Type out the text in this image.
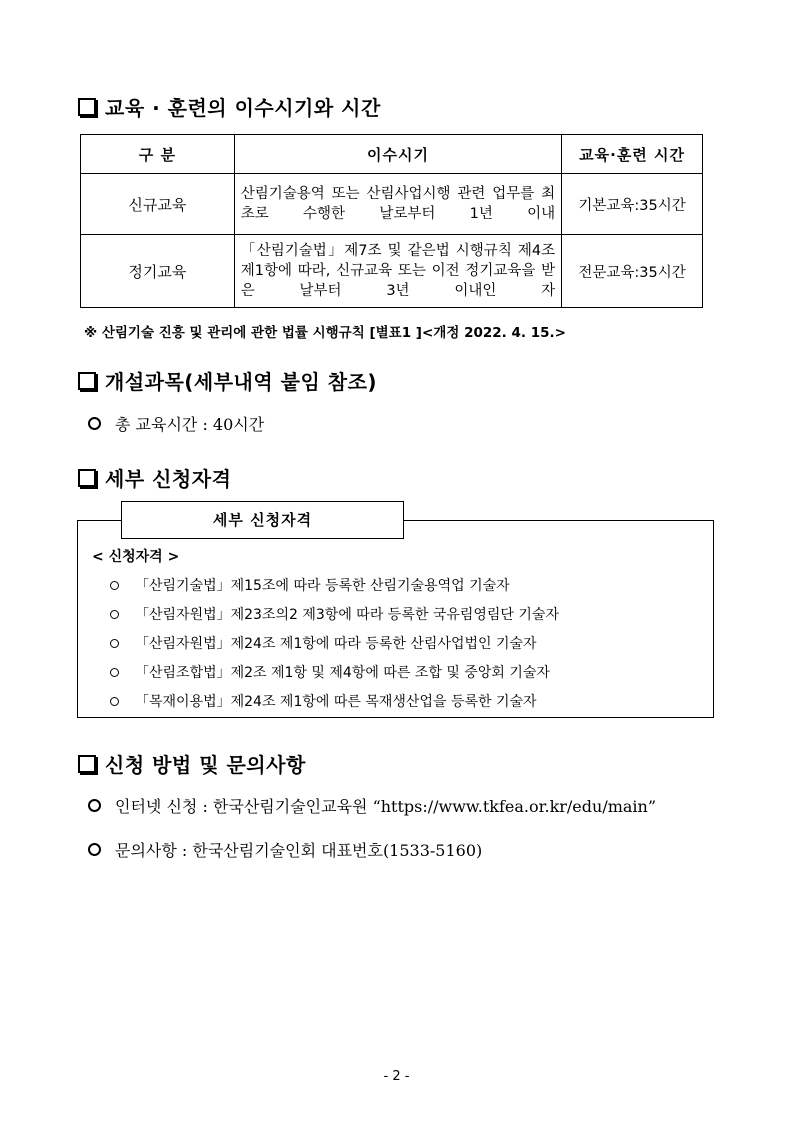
교육 · 훈련의 이수시기와 시간
구 분	이수시기	교육·훈련 시간
신규교육	산림기술용역 또는 산림사업시행 관련 업무를 최초로 수행한 날로부터 1년 이내	기본교육:35시간
정기교육	「산림기술법」제7조 및 같은법 시행규칙 제4조제1항에 따라, 신규교육 또는 이전 정기교육을 받은 날부터 3년 이내인 자	전문교육:35시간
※ 산림기술 진흥 및 관리에 관한 법률 시행규칙 [별표1 ]<개정 2022. 4. 15.>
개설과목(세부내역 붙임 참조)
총 교육시간 : 40시간
세부 신청자격
세부 신청자격
< 신청자격 >
「산림기술법」제15조에 따라 등록한 산림기술용역업 기술자
「산림자원법」제23조의2 제3항에 따라 등록한 국유림영림단 기술자
「산림자원법」제24조 제1항에 따라 등록한 산림사업법인 기술자
「산림조합법」제2조 제1항 및 제4항에 따른 조합 및 중앙회 기술자
「목재이용법」제24조 제1항에 따른 목재생산업을 등록한 기술자
신청 방법 및 문의사항
인터넷 신청 : 한국산림기술인교육원 “https://www.tkfea.or.kr/edu/main”
문의사항 : 한국산림기술인회 대표번호(1533-5160)
- 2 -
